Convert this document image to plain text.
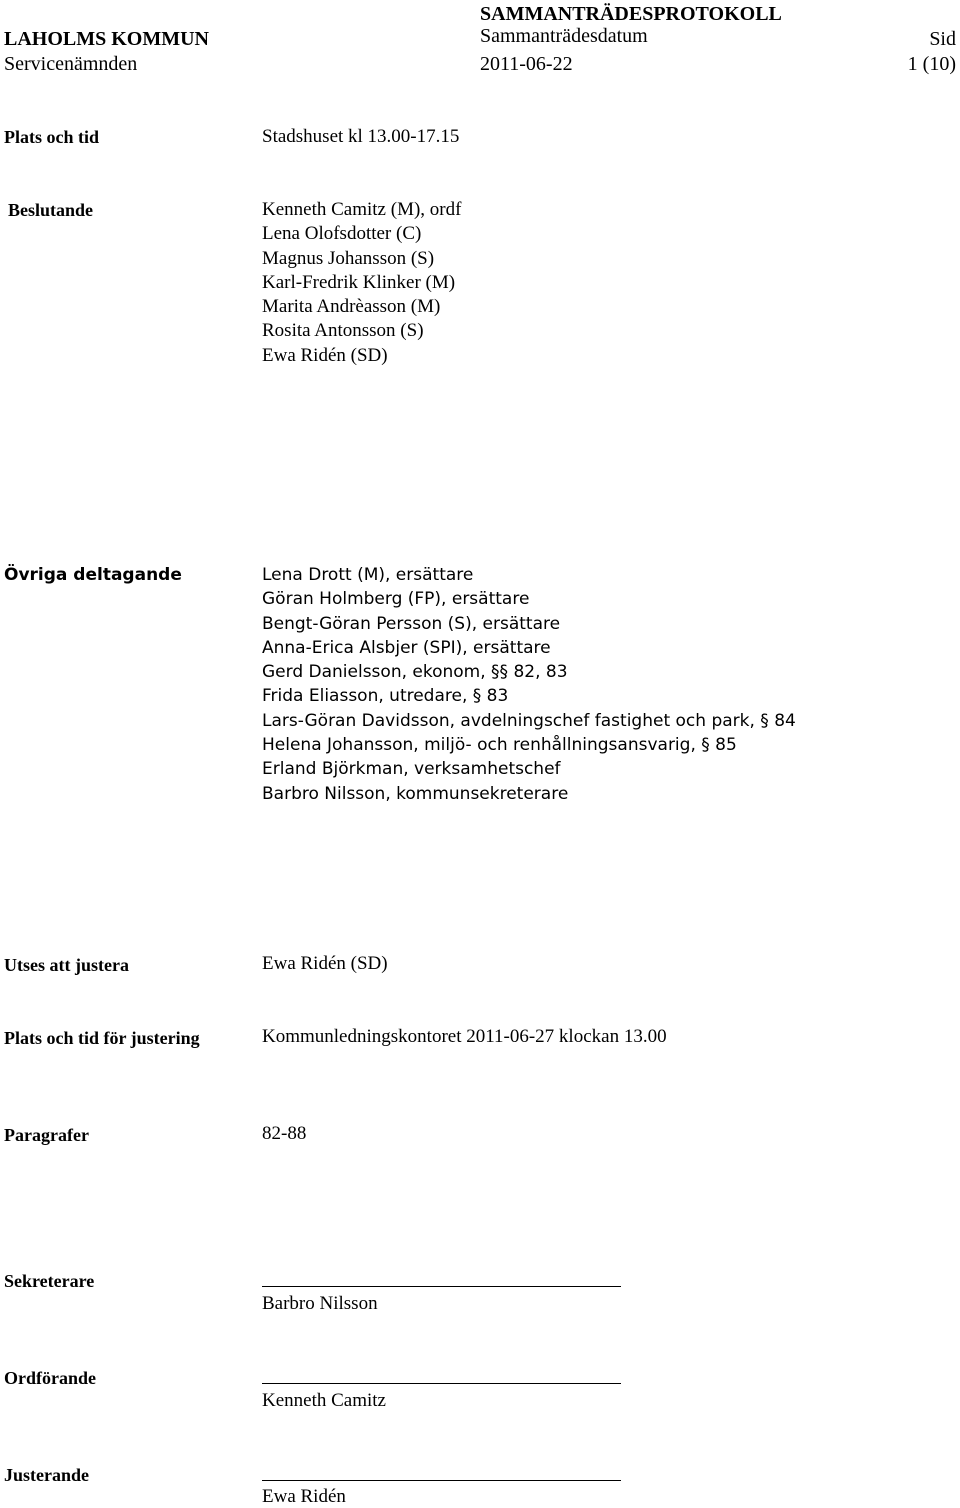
LAHOLMS KOMMUN
Servicenämnden
SAMMANTRÄDESPROTOKOLL
Sammanträdesdatum
2011-06-22
Sid
1 (10)
Plats och tid	Stadshuset kl 13.00-17.15
Beslutande	Kenneth Camitz (M), ordf
Lena Olofsdotter (C)
Magnus Johansson (S)
Karl-Fredrik Klinker (M)
Marita Andrèasson (M)
Rosita Antonsson (S)
Ewa Ridén (SD)
Övriga deltagande	Lena Drott (M), ersättare
Göran Holmberg (FP), ersättare
Bengt-Göran Persson (S), ersättare
Anna-Erica Alsbjer (SPI), ersättare
Gerd Danielsson, ekonom, §§ 82, 83
Frida Eliasson, utredare, § 83
Lars-Göran Davidsson, avdelningschef fastighet och park, § 84
Helena Johansson, miljö- och renhållningsansvarig, § 85
Erland Björkman, verksamhetschef
Barbro Nilsson, kommunsekreterare
Utses att justera	Ewa Ridén (SD)
Plats och tid för justering	Kommunledningskontoret 2011-06-27 klockan 13.00
Paragrafer	82-88
Sekreterare
Barbro Nilsson
Ordförande
Kenneth Camitz
Justerande
Ewa Ridén
